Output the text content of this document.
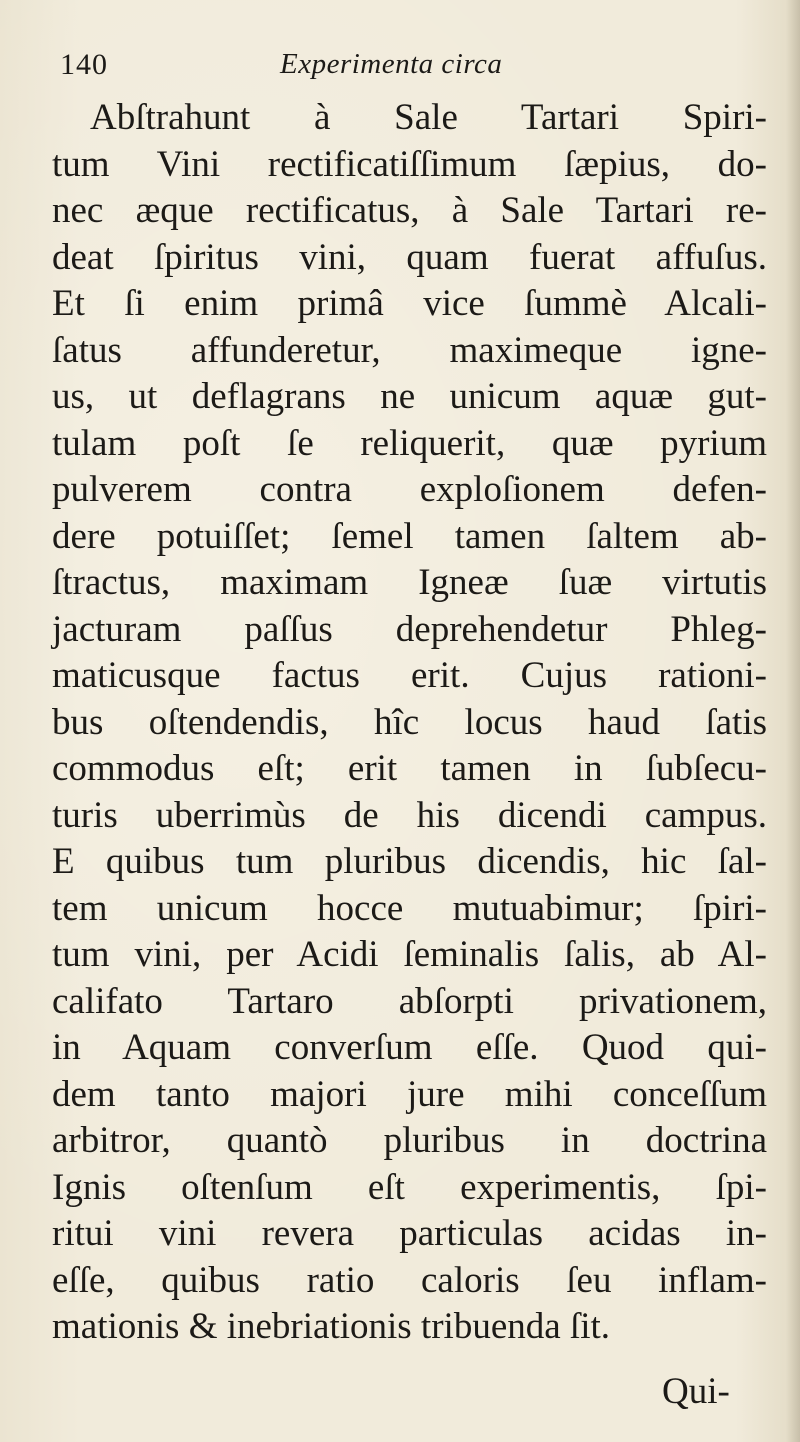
140	Experimenta circa
Abſtrahunt à Sale Tartari Spiri-
tum Vini rectificatiſſimum ſæpius, do-
nec æque rectificatus, à Sale Tartari re-
deat ſpiritus vini, quam fuerat affuſus.
Et ſi enim primâ vice ſummè Alcali-
ſatus affunderetur, maximeque igne-
us, ut deflagrans ne unicum aquæ gut-
tulam poſt ſe reliquerit, quæ pyrium
pulverem contra exploſionem defen-
dere potuiſſet; ſemel tamen ſaltem ab-
ſtractus, maximam Igneæ ſuæ virtutis
jacturam paſſus deprehendetur Phleg-
maticusque factus erit. Cujus rationi-
bus oſtendendis, hîc locus haud ſatis
commodus eſt; erit tamen in ſubſecu-
turis uberrimùs de his dicendi campus.
E quibus tum pluribus dicendis, hic ſal-
tem unicum hocce mutuabimur; ſpiri-
tum vini, per Acidi ſeminalis ſalis, ab Al-
califato Tartaro abſorpti privationem,
in Aquam converſum eſſe. Quod qui-
dem tanto majori jure mihi conceſſum
arbitror, quantò pluribus in doctrina
Ignis oſtenſum eſt experimentis, ſpi-
ritui vini revera particulas acidas in-
eſſe, quibus ratio caloris ſeu inflam-
mationis & inebriationis tribuenda ſit.
Qui-
